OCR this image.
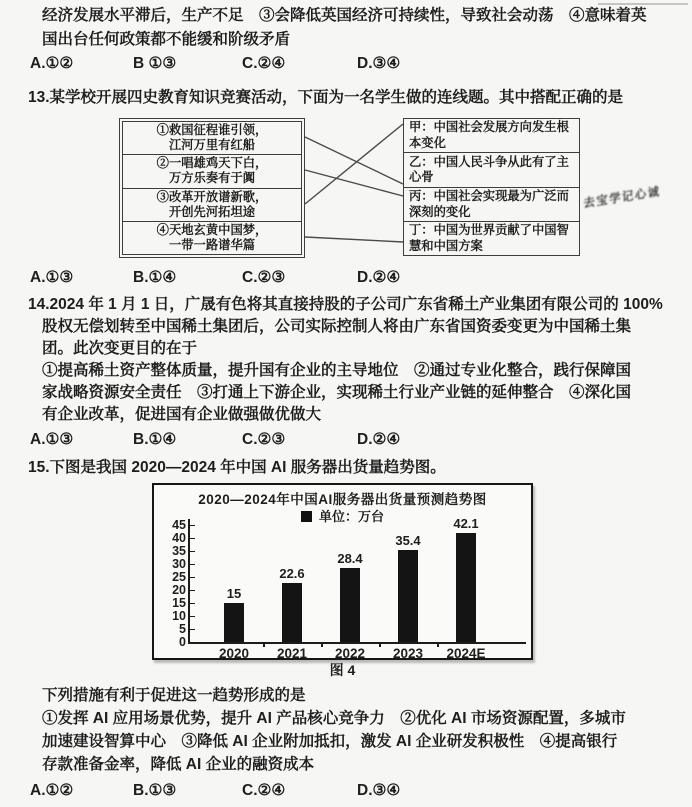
经济发展水平滞后，生产不足　③会降低英国经济可持续性，导致社会动荡　④意味着英
国出台任何政策都不能缓和阶级矛盾
A.①②	B ①③	C.②④	D.③④
13.某学校开展四史教育知识竞赛活动，下面为一名学生做的连线题。其中搭配正确的是
①救国征程谁引领，
江河万里有红船
②一唱雄鸡天下白，
万方乐奏有于阗
③改革开放谱新歌，
开创先河拓坦途
④天地玄黄中国梦，
一带一路谱华篇
甲：中国社会发展方向发生根本变化
乙：中国人民斗争从此有了主心骨
丙：中国社会实现最为广泛而深刻的变化
丁：中国为世界贡献了中国智慧和中国方案
去宝学记心诚
A.①③	B.①④	C.②③	D.②④
14.2024 年 1 月 1 日，广晟有色将其直接持股的子公司广东省稀土产业集团有限公司的 100%
股权无偿划转至中国稀土集团后，公司实际控制人将由广东省国资委变更为中国稀土集
团。此次变更目的在于
①提高稀土资产整体质量，提升国有企业的主导地位　②通过专业化整合，践行保障国
家战略资源安全责任　③打通上下游企业，实现稀土行业产业链的延伸整合　④深化国
有企业改革，促进国有企业做强做优做大
A.①③	B.①④	C.②③	D.②④
15.下图是我国 2020—2024 年中国 AI 服务器出货量趋势图。
2020—2024年中国AI服务器出货量预测趋势图
单位：万台
0
5
10
15
20
25
30
35
40
45
15
2020
22.6
2021
28.4
2022
35.4
2023
42.1
2024E
图 4
下列措施有利于促进这一趋势形成的是
①发挥 AI 应用场景优势，提升 AI 产品核心竞争力　②优化 AI 市场资源配置，多城市
加速建设智算中心　③降低 AI 企业附加抵扣，激发 AI 企业研发积极性　④提高银行
存款准备金率，降低 AI 企业的融资成本
A.①②	B.①③	C.②④	D.③④
